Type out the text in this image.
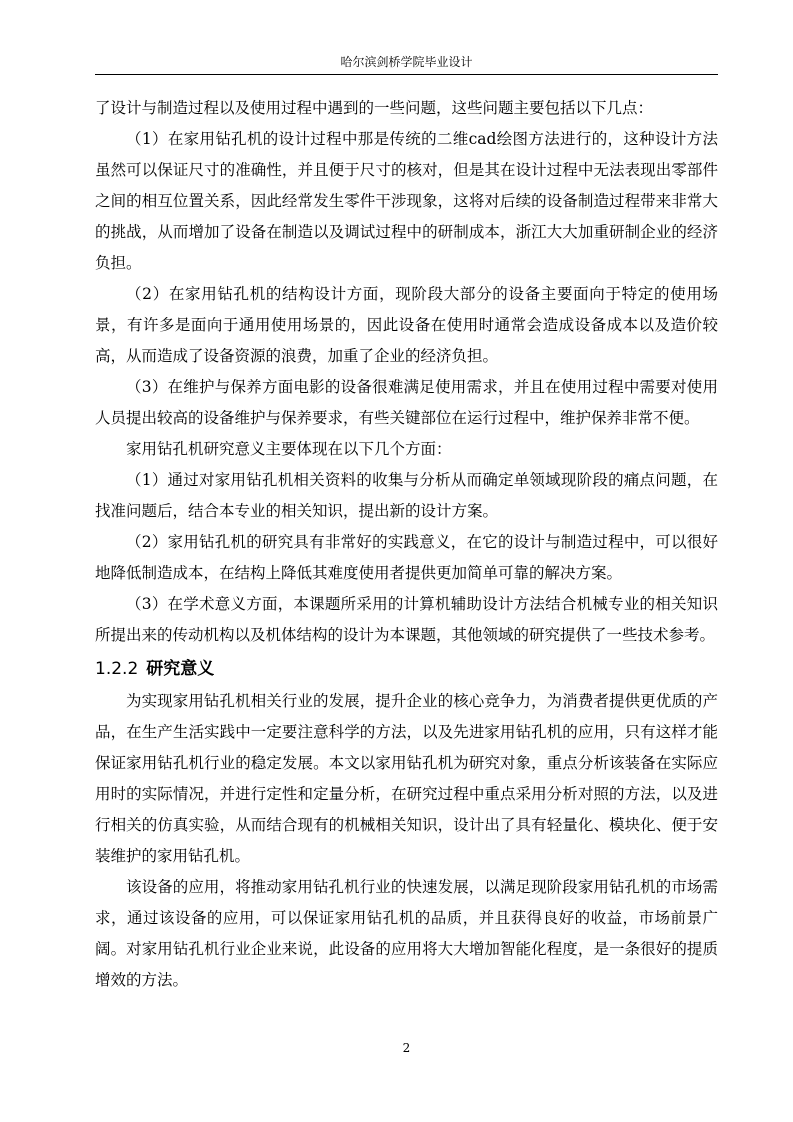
哈尔滨剑桥学院毕业设计

了设计与制造过程以及使用过程中遇到的一些问题，这些问题主要包括以下几点：

（1）在家用钻孔机的设计过程中那是传统的二维cad绘图方法进行的，这种设计方法虽然可以保证尺寸的准确性，并且便于尺寸的核对，但是其在设计过程中无法表现出零部件之间的相互位置关系，因此经常发生零件干涉现象，这将对后续的设备制造过程带来非常大的挑战，从而增加了设备在制造以及调试过程中的研制成本，浙江大大加重研制企业的经济负担。

（2）在家用钻孔机的结构设计方面，现阶段大部分的设备主要面向于特定的使用场景，有许多是面向于通用使用场景的，因此设备在使用时通常会造成设备成本以及造价较高，从而造成了设备资源的浪费，加重了企业的经济负担。

（3）在维护与保养方面电影的设备很难满足使用需求，并且在使用过程中需要对使用人员提出较高的设备维护与保养要求，有些关键部位在运行过程中，维护保养非常不便。

家用钻孔机研究意义主要体现在以下几个方面：

（1）通过对家用钻孔机相关资料的收集与分析从而确定单领域现阶段的痛点问题，在找准问题后，结合本专业的相关知识，提出新的设计方案。

（2）家用钻孔机的研究具有非常好的实践意义，在它的设计与制造过程中，可以很好地降低制造成本，在结构上降低其难度使用者提供更加简单可靠的解决方案。

（3）在学术意义方面，本课题所采用的计算机辅助设计方法结合机械专业的相关知识所提出来的传动机构以及机体结构的设计为本课题，其他领域的研究提供了一些技术参考。

1.2.2 研究意义

为实现家用钻孔机相关行业的发展，提升企业的核心竞争力，为消费者提供更优质的产品，在生产生活实践中一定要注意科学的方法，以及先进家用钻孔机的应用，只有这样才能保证家用钻孔机行业的稳定发展。本文以家用钻孔机为研究对象，重点分析该装备在实际应用时的实际情况，并进行定性和定量分析，在研究过程中重点采用分析对照的方法，以及进行相关的仿真实验，从而结合现有的机械相关知识，设计出了具有轻量化、模块化、便于安装维护的家用钻孔机。

该设备的应用，将推动家用钻孔机行业的快速发展，以满足现阶段家用钻孔机的市场需求，通过该设备的应用，可以保证家用钻孔机的品质，并且获得良好的收益，市场前景广阔。对家用钻孔机行业企业来说，此设备的应用将大大增加智能化程度，是一条很好的提质增效的方法。

2
